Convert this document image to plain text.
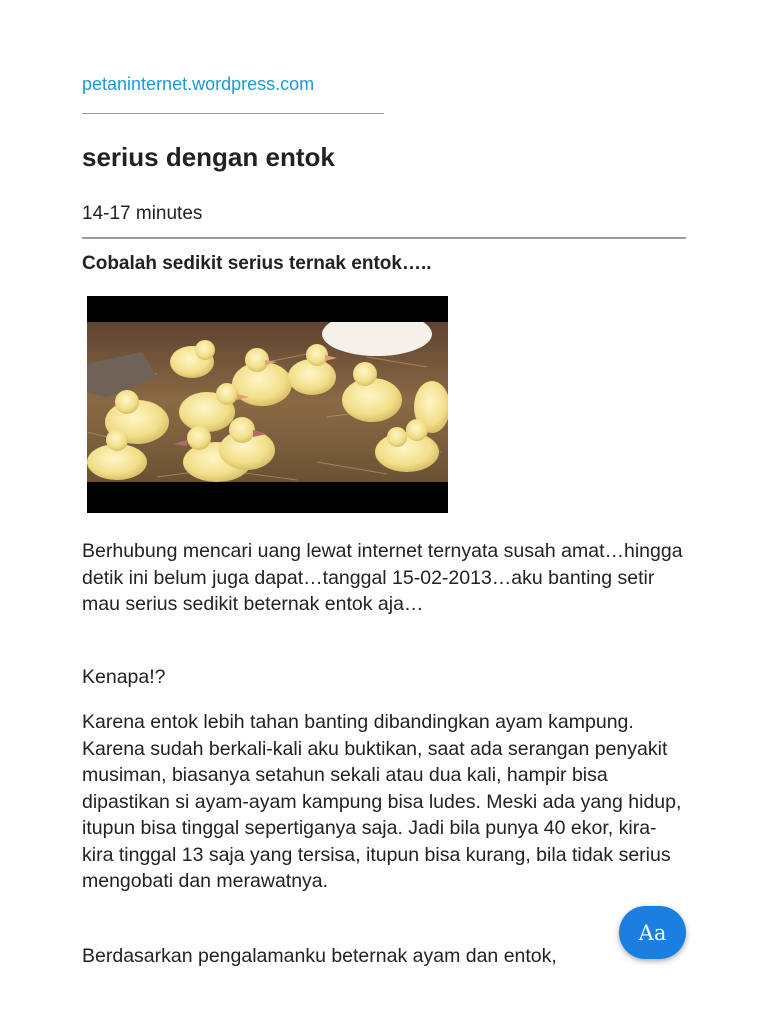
petaninternet.wordpress.com
serius dengan entok
14-17 minutes

Cobalah sedikit serius ternak entok…..

Berhubung mencari uang lewat internet ternyata susah amat…hingga detik ini belum juga dapat…tanggal 15-02-2013…aku banting setir mau serius sedikit beternak entok aja…

Kenapa!?

Karena entok lebih tahan banting dibandingkan ayam kampung. Karena sudah berkali-kali aku buktikan, saat ada serangan penyakit musiman, biasanya setahun sekali atau dua kali, hampir bisa dipastikan si ayam-ayam kampung bisa ludes. Meski ada yang hidup, itupun bisa tinggal sepertiganya saja. Jadi bila punya 40 ekor, kira-kira tinggal 13 saja yang tersisa, itupun bisa kurang, bila tidak serius mengobati dan merawatnya.

Berdasarkan pengalamanku beternak ayam dan entok,

Aa
